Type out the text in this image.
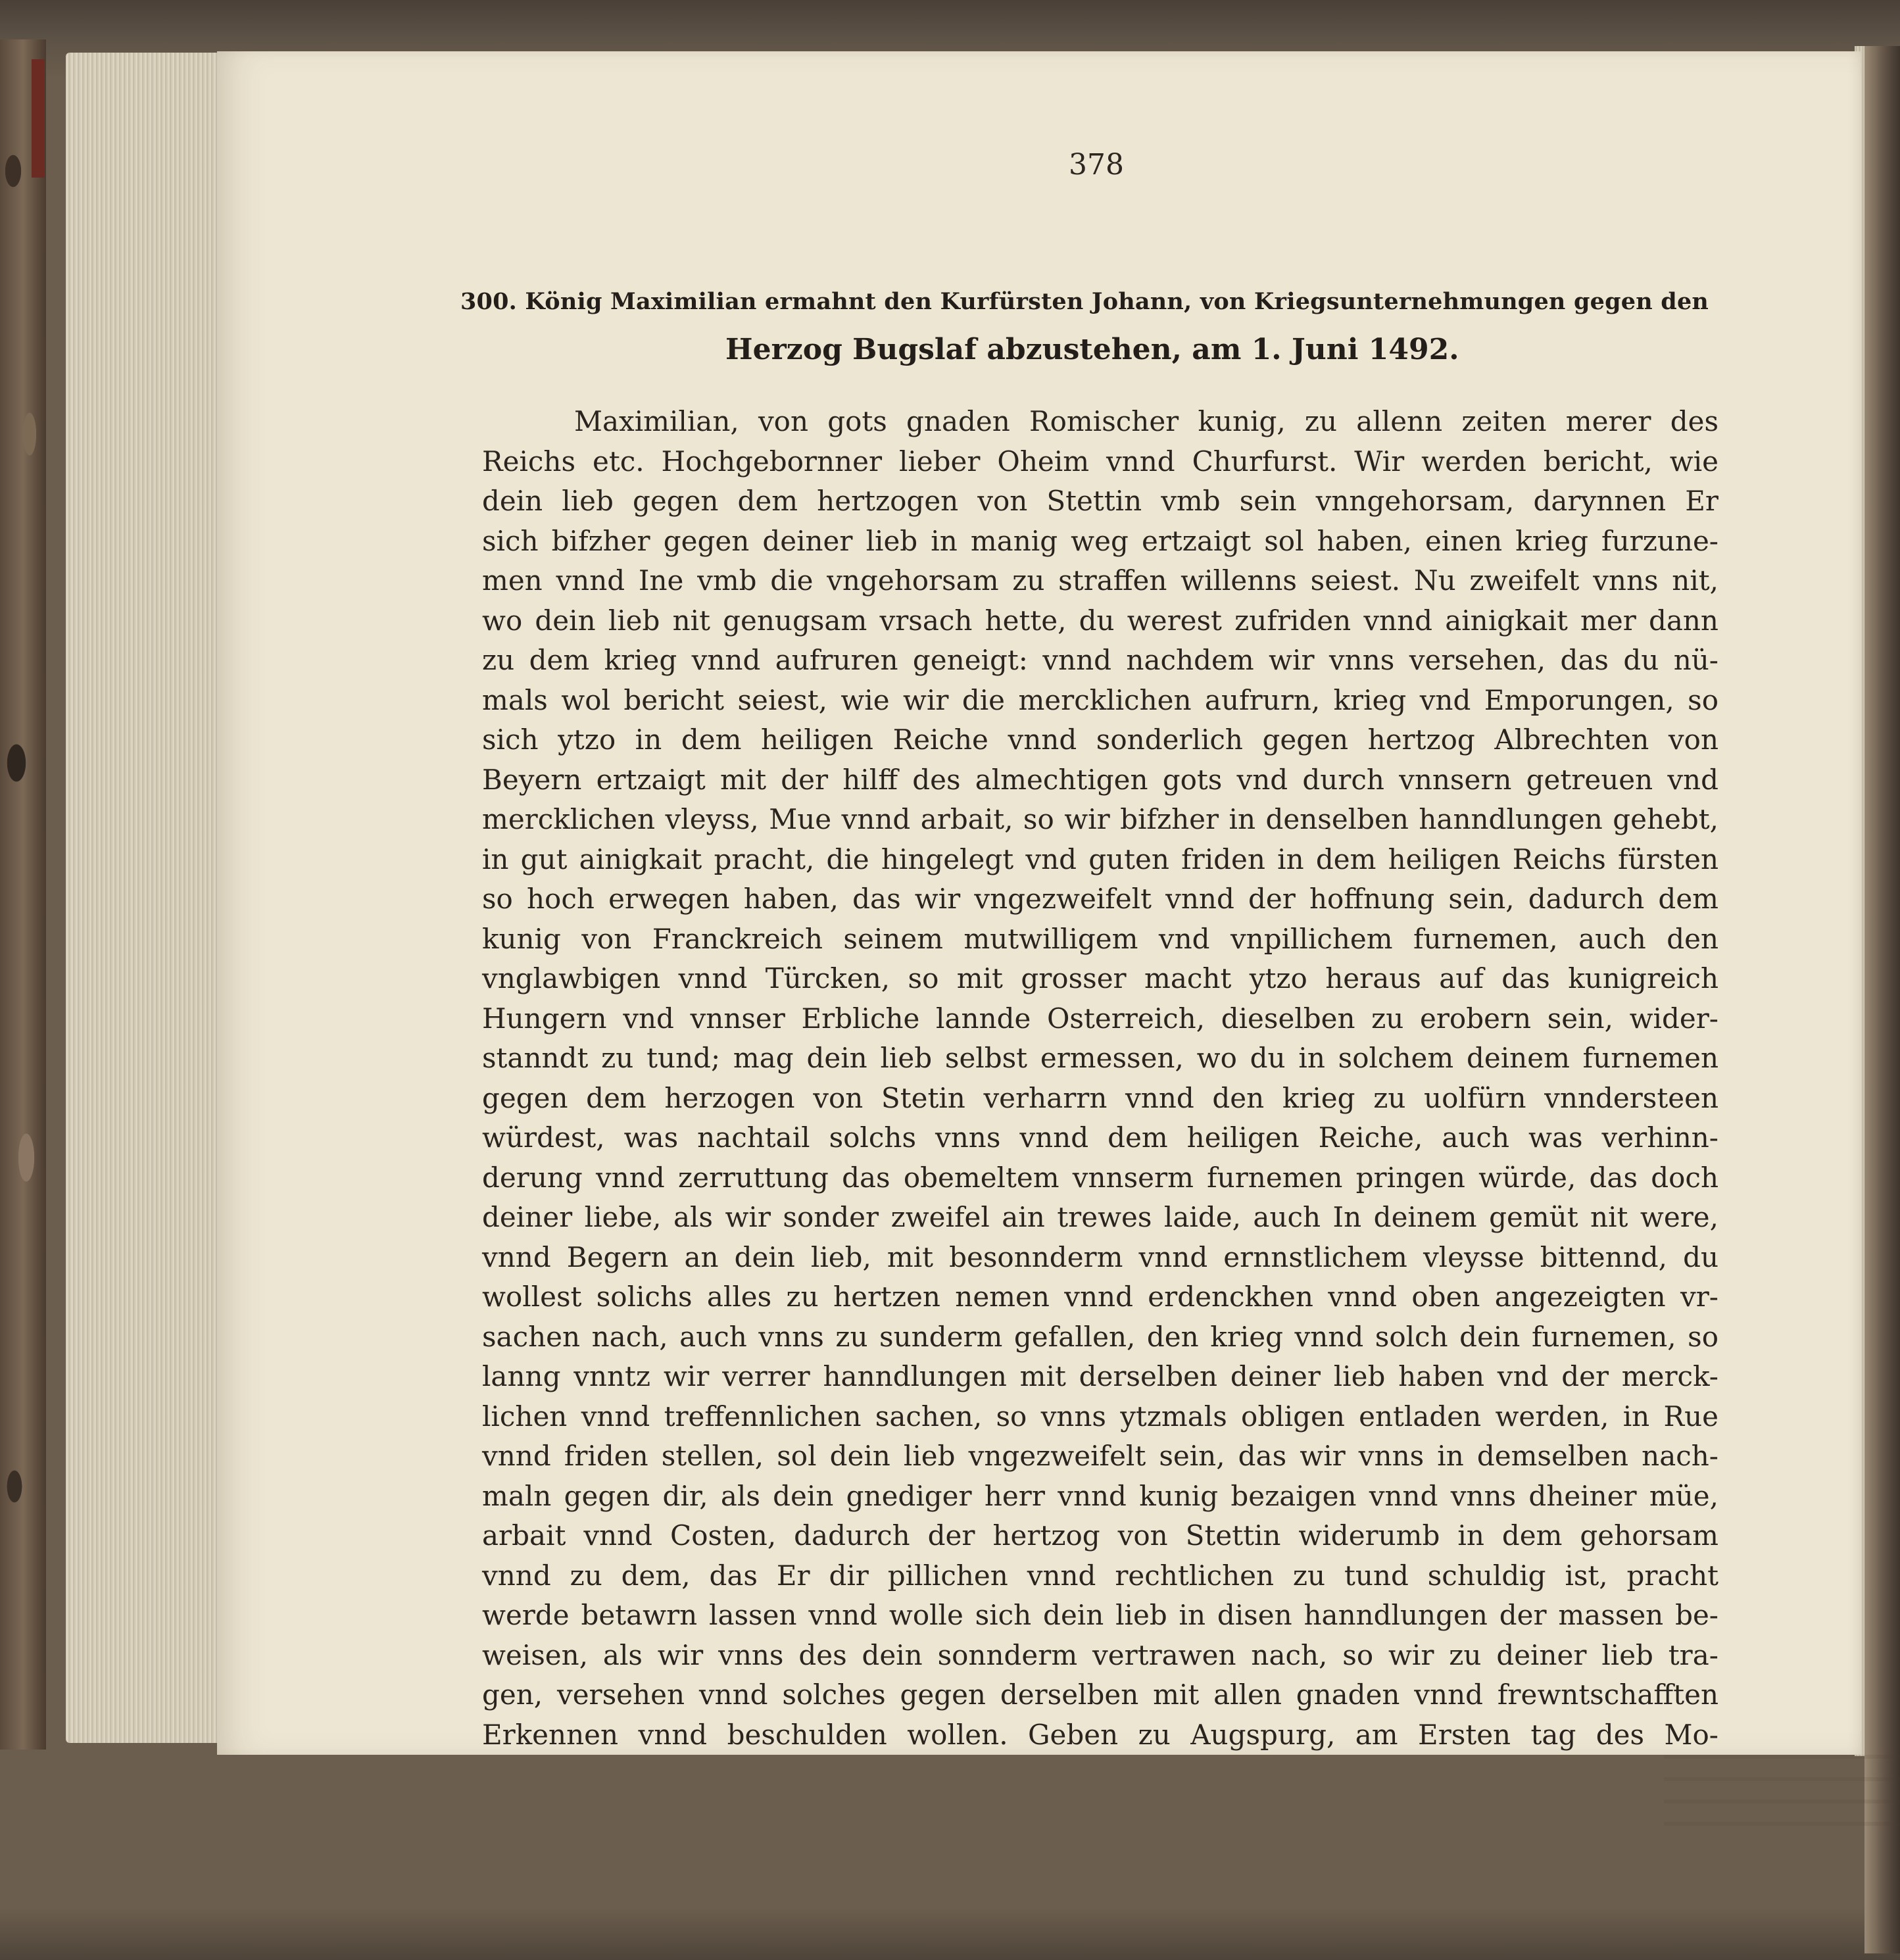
378
300. König Maximilian ermahnt den Kurfürsten Johann, von Kriegsunternehmungen gegen den
Herzog Bugslaf abzustehen, am 1. Juni 1492.
Maximilian, von gots gnaden Romischer kunig, zu allenn zeiten merer des
Reichs etc. Hochgebornner lieber Oheim vnnd Churfurst. Wir werden bericht, wie
dein lieb gegen dem hertzogen von Stettin vmb sein vnngehorsam, darynnen Er
sich bifzher gegen deiner lieb in manig weg ertzaigt sol haben, einen krieg furzune-
men vnnd Ine vmb die vngehorsam zu straffen willenns seiest. Nu zweifelt vnns nit,
wo dein lieb nit genugsam vrsach hette, du werest zufriden vnnd ainigkait mer dann
zu dem krieg vnnd aufruren geneigt: vnnd nachdem wir vnns versehen, das du nü-
mals wol bericht seiest, wie wir die mercklichen aufrurn, krieg vnd Emporungen, so
sich ytzo in dem heiligen Reiche vnnd sonderlich gegen hertzog Albrechten von
Beyern ertzaigt mit der hilff des almechtigen gots vnd durch vnnsern getreuen vnd
mercklichen vleyss, Mue vnnd arbait, so wir bifzher in denselben hanndlungen gehebt,
in gut ainigkait pracht, die hingelegt vnd guten friden in dem heiligen Reichs fürsten
so hoch erwegen haben, das wir vngezweifelt vnnd der hoffnung sein, dadurch dem
kunig von Franckreich seinem mutwilligem vnd vnpillichem furnemen, auch den
vnglawbigen vnnd Türcken, so mit grosser macht ytzo heraus auf das kunigreich
Hungern vnd vnnser Erbliche lannde Osterreich, dieselben zu erobern sein, wider-
stanndt zu tund; mag dein lieb selbst ermessen, wo du in solchem deinem furnemen
gegen dem herzogen von Stetin verharrn vnnd den krieg zu uolfürn vnndersteen
würdest, was nachtail solchs vnns vnnd dem heiligen Reiche, auch was verhinn-
derung vnnd zerruttung das obemeltem vnnserm furnemen pringen würde, das doch
deiner liebe, als wir sonder zweifel ain trewes laide, auch In deinem gemüt nit were,
vnnd Begern an dein lieb, mit besonnderm vnnd ernnstlichem vleysse bittennd, du
wollest solichs alles zu hertzen nemen vnnd erdenckhen vnnd oben angezeigten vr-
sachen nach, auch vnns zu sunderm gefallen, den krieg vnnd solch dein furnemen, so
lanng vnntz wir verrer hanndlungen mit derselben deiner lieb haben vnd der merck-
lichen vnnd treffennlichen sachen, so vnns ytzmals obligen entladen werden, in Rue
vnnd friden stellen, sol dein lieb vngezweifelt sein, das wir vnns in demselben nach-
maln gegen dir, als dein gnediger herr vnnd kunig bezaigen vnnd vnns dheiner müe,
arbait vnnd Costen, dadurch der hertzog von Stettin widerumb in dem gehorsam
vnnd zu dem, das Er dir pillichen vnnd rechtlichen zu tund schuldig ist, pracht
werde betawrn lassen vnnd wolle sich dein lieb in disen hanndlungen der massen be-
weisen, als wir vnns des dein sonnderm vertrawen nach, so wir zu deiner lieb tra-
gen, versehen vnnd solches gegen derselben mit allen gnaden vnnd frewntschafften
Erkennen vnnd beschulden wollen. Geben zu Augspurg, am Ersten tag des Mo-
